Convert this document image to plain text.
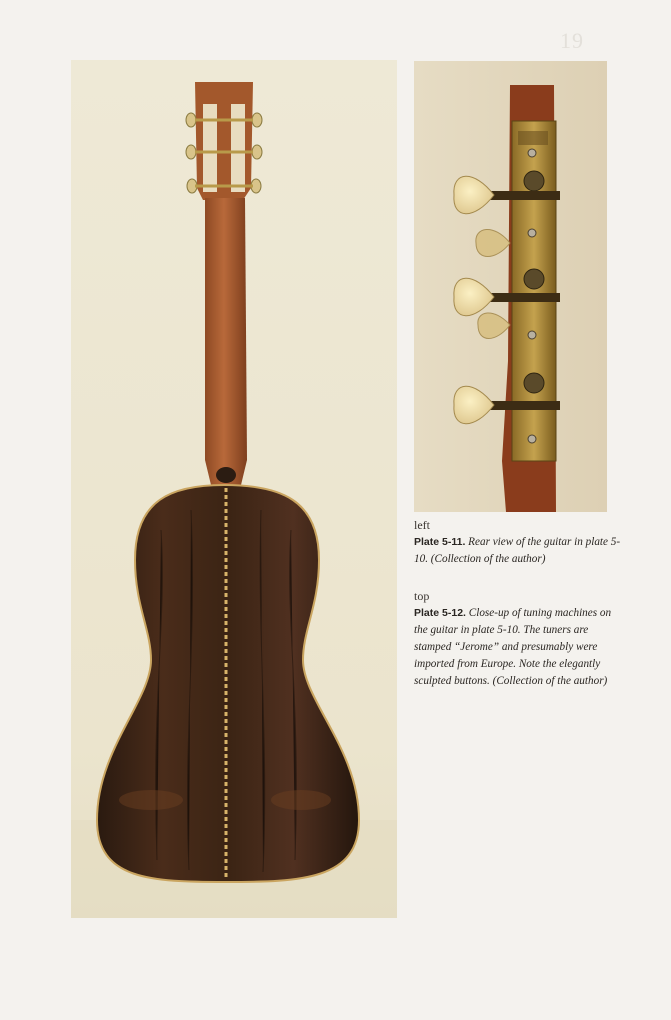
19

left

Plate 5-11. Rear view of the guitar in plate 5-10. (Collection of the author)

top

Plate 5-12. Close-up of tuning machines on the guitar in plate 5-10. The tuners are stamped “Jerome” and presumably were imported from Europe. Note the elegantly sculpted buttons. (Collection of the author)
